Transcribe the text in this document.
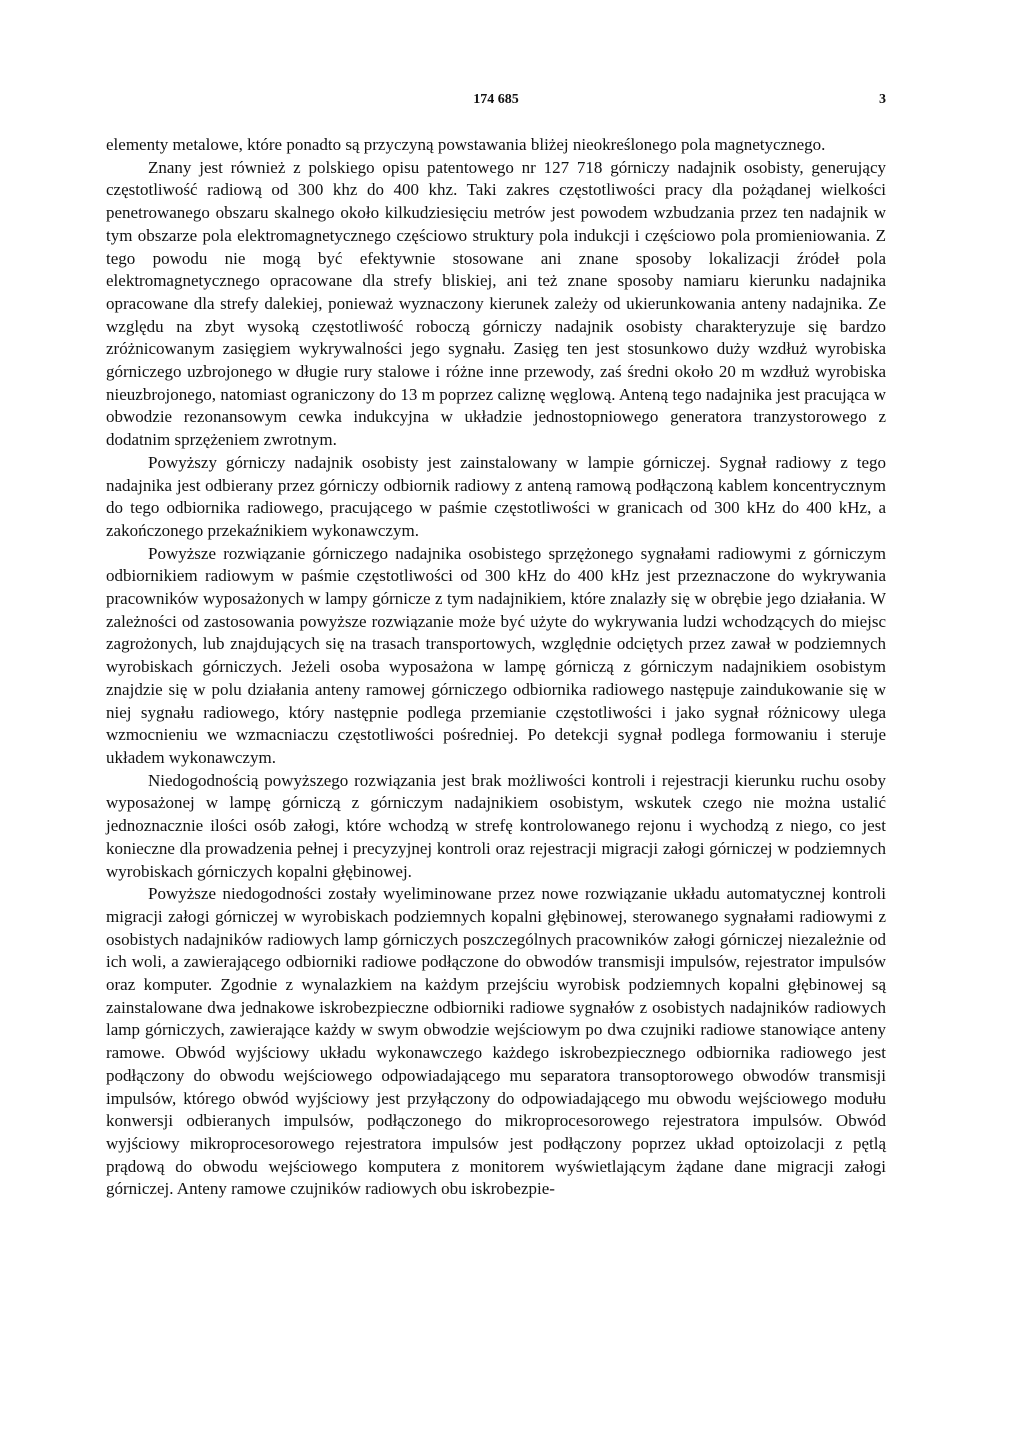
174 685	3

elementy metalowe, które ponadto są przyczyną powstawania bliżej nieokreślonego pola magnetycznego.

Znany jest również z polskiego opisu patentowego nr 127 718 górniczy nadajnik osobisty, generujący częstotliwość radiową od 300 khz do 400 khz. Taki zakres częstotliwości pracy dla pożądanej wielkości penetrowanego obszaru skalnego około kilkudziesięciu metrów jest powodem wzbudzania przez ten nadajnik w tym obszarze pola elektromagnetycznego częściowo struktury pola indukcji i częściowo pola promieniowania. Z tego powodu nie mogą być efektywnie stosowane ani znane sposoby lokalizacji źródeł pola elektromagnetycznego opracowane dla strefy bliskiej, ani też znane sposoby namiaru kierunku nadajnika opracowane dla strefy dalekiej, ponieważ wyznaczony kierunek zależy od ukierunkowania anteny nadajnika. Ze względu na zbyt wysoką częstotliwość roboczą górniczy nadajnik osobisty charakteryzuje się bardzo zróżnicowanym zasięgiem wykrywalności jego sygnału. Zasięg ten jest stosunkowo duży wzdłuż wyrobiska górniczego uzbrojonego w długie rury stalowe i różne inne przewody, zaś średni około 20 m wzdłuż wyrobiska nieuzbrojonego, natomiast ograniczony do 13 m poprzez caliznę węglową. Anteną tego nadajnika jest pracująca w obwodzie rezonansowym cewka indukcyjna w układzie jednostopniowego generatora tranzystorowego z dodatnim sprzężeniem zwrotnym.

Powyższy górniczy nadajnik osobisty jest zainstalowany w lampie górniczej. Sygnał radiowy z tego nadajnika jest odbierany przez górniczy odbiornik radiowy z anteną ramową podłączoną kablem koncentrycznym do tego odbiornika radiowego, pracującego w paśmie częstotliwości w granicach od 300 kHz do 400 kHz, a zakończonego przekaźnikiem wykonawczym.

Powyższe rozwiązanie górniczego nadajnika osobistego sprzężonego sygnałami radiowymi z górniczym odbiornikiem radiowym w paśmie częstotliwości od 300 kHz do 400 kHz jest przeznaczone do wykrywania pracowników wyposażonych w lampy górnicze z tym nadajnikiem, które znalazły się w obrębie jego działania. W zależności od zastosowania powyższe rozwiązanie może być użyte do wykrywania ludzi wchodzących do miejsc zagrożonych, lub znajdujących się na trasach transportowych, względnie odciętych przez zawał w podziemnych wyrobiskach górniczych. Jeżeli osoba wyposażona w lampę górniczą z górniczym nadajnikiem osobistym znajdzie się w polu działania anteny ramowej górniczego odbiornika radiowego następuje zaindukowanie się w niej sygnału radiowego, który następnie podlega przemianie częstotliwości i jako sygnał różnicowy ulega wzmocnieniu we wzmacniaczu częstotliwości pośredniej. Po detekcji sygnał podlega formowaniu i steruje układem wykonawczym.

Niedogodnością powyższego rozwiązania jest brak możliwości kontroli i rejestracji kierunku ruchu osoby wyposażonej w lampę górniczą z górniczym nadajnikiem osobistym, wskutek czego nie można ustalić jednoznacznie ilości osób załogi, które wchodzą w strefę kontrolowanego rejonu i wychodzą z niego, co jest konieczne dla prowadzenia pełnej i precyzyjnej kontroli oraz rejestracji migracji załogi górniczej w podziemnych wyrobiskach górniczych kopalni głębinowej.

Powyższe niedogodności zostały wyeliminowane przez nowe rozwiązanie układu automatycznej kontroli migracji załogi górniczej w wyrobiskach podziemnych kopalni głębinowej, sterowanego sygnałami radiowymi z osobistych nadajników radiowych lamp górniczych poszczególnych pracowników załogi górniczej niezależnie od ich woli, a zawierającego odbiorniki radiowe podłączone do obwodów transmisji impulsów, rejestrator impulsów oraz komputer. Zgodnie z wynalazkiem na każdym przejściu wyrobisk podziemnych kopalni głębinowej są zainstalowane dwa jednakowe iskrobezpieczne odbiorniki radiowe sygnałów z osobistych nadajników radiowych lamp górniczych, zawierające każdy w swym obwodzie wejściowym po dwa czujniki radiowe stanowiące anteny ramowe. Obwód wyjściowy układu wykonawczego każdego iskrobezpiecznego odbiornika radiowego jest podłączony do obwodu wejściowego odpowiadającego mu separatora transoptorowego obwodów transmisji impulsów, którego obwód wyjściowy jest przyłączony do odpowiadającego mu obwodu wejściowego modułu konwersji odbieranych impulsów, podłączonego do mikroprocesorowego rejestratora impulsów. Obwód wyjściowy mikroprocesorowego rejestratora impulsów jest podłączony poprzez układ optoizolacji z pętlą prądową do obwodu wejściowego komputera z monitorem wyświetlającym żądane dane migracji załogi górniczej. Anteny ramowe czujników radiowych obu iskrobezpie-
